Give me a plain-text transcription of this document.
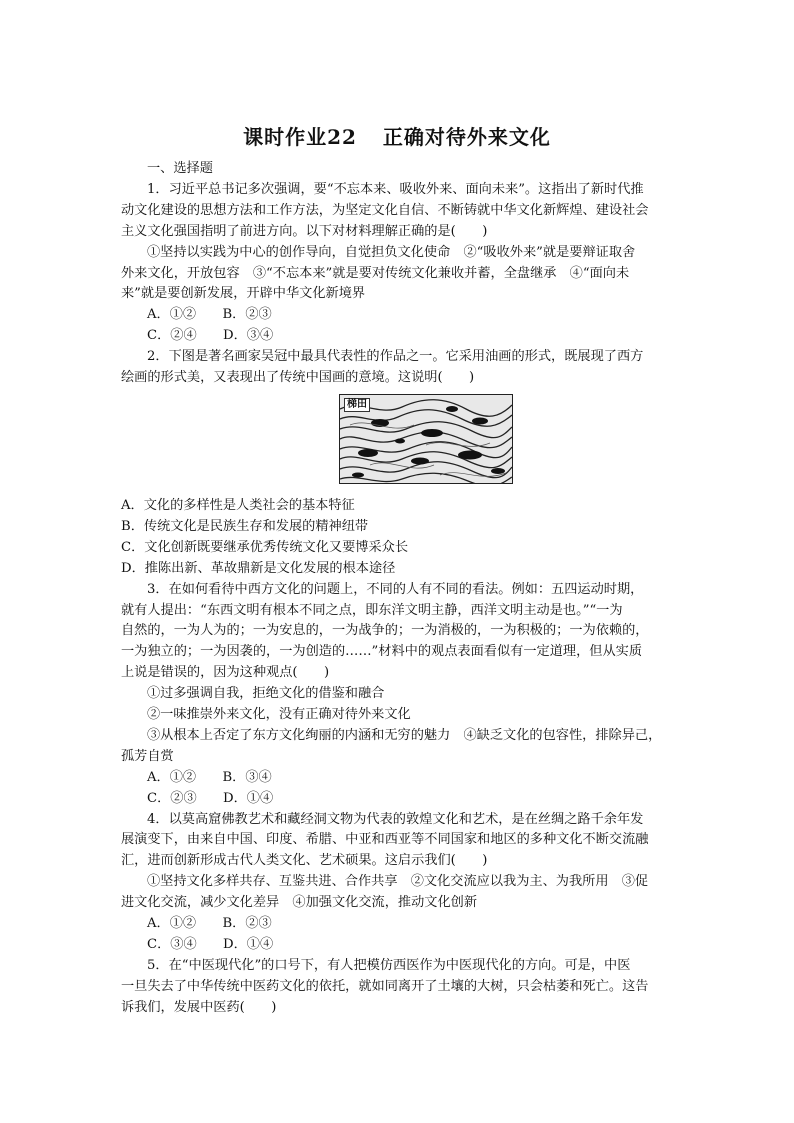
课时作业22 正确对待外来文化
一、选择题
1．习近平总书记多次强调，要“不忘本来、吸收外来、面向未来”。这指出了新时代推
动文化建设的思想方法和工作方法，为坚定文化自信、不断铸就中华文化新辉煌、建设社会
主义文化强国指明了前进方向。以下对材料理解正确的是(　　)
①坚持以实践为中心的创作导向，自觉担负文化使命　②“吸收外来”就是要辩证取舍
外来文化，开放包容　③“不忘本来”就是要对传统文化兼收并蓄，全盘继承　④“面向未
来”就是要创新发展，开辟中华文化新境界
A．①②　　B．②③
C．②④　　D．③④
2．下图是著名画家吴冠中最具代表性的作品之一。它采用油画的形式，既展现了西方
绘画的形式美，又表现出了传统中国画的意境。这说明(　　)
梯田
A．文化的多样性是人类社会的基本特征
B．传统文化是民族生存和发展的精神纽带
C．文化创新既要继承优秀传统文化又要博采众长
D．推陈出新、革故鼎新是文化发展的根本途径
3．在如何看待中西方文化的问题上，不同的人有不同的看法。例如：五四运动时期，
就有人提出：“东西文明有根本不同之点，即东洋文明主静，西洋文明主动是也。”“一为
自然的，一为人为的；一为安息的，一为战争的；一为消极的，一为积极的；一为依赖的，
一为独立的；一为因袭的，一为创造的……”材料中的观点表面看似有一定道理，但从实质
上说是错误的，因为这种观点(　　)
①过多强调自我，拒绝文化的借鉴和融合
②一味推崇外来文化，没有正确对待外来文化
③从根本上否定了东方文化绚丽的内涵和无穷的魅力　④缺乏文化的包容性，排除异己，
孤芳自赏
A．①②　　B．③④
C．②③　　D．①④
4．以莫高窟佛教艺术和藏经洞文物为代表的敦煌文化和艺术，是在丝绸之路千余年发
展演变下，由来自中国、印度、希腊、中亚和西亚等不同国家和地区的多种文化不断交流融
汇，进而创新形成古代人类文化、艺术硕果。这启示我们(　　)
①坚持文化多样共存、互鉴共进、合作共享　②文化交流应以我为主、为我所用　③促
进文化交流，减少文化差异　④加强文化交流，推动文化创新
A．①②　　B．②③
C．③④　　D．①④
5．在“中医现代化”的口号下，有人把模仿西医作为中医现代化的方向。可是，中医
一旦失去了中华传统中医药文化的依托，就如同离开了土壤的大树，只会枯萎和死亡。这告
诉我们，发展中医药(　　)
